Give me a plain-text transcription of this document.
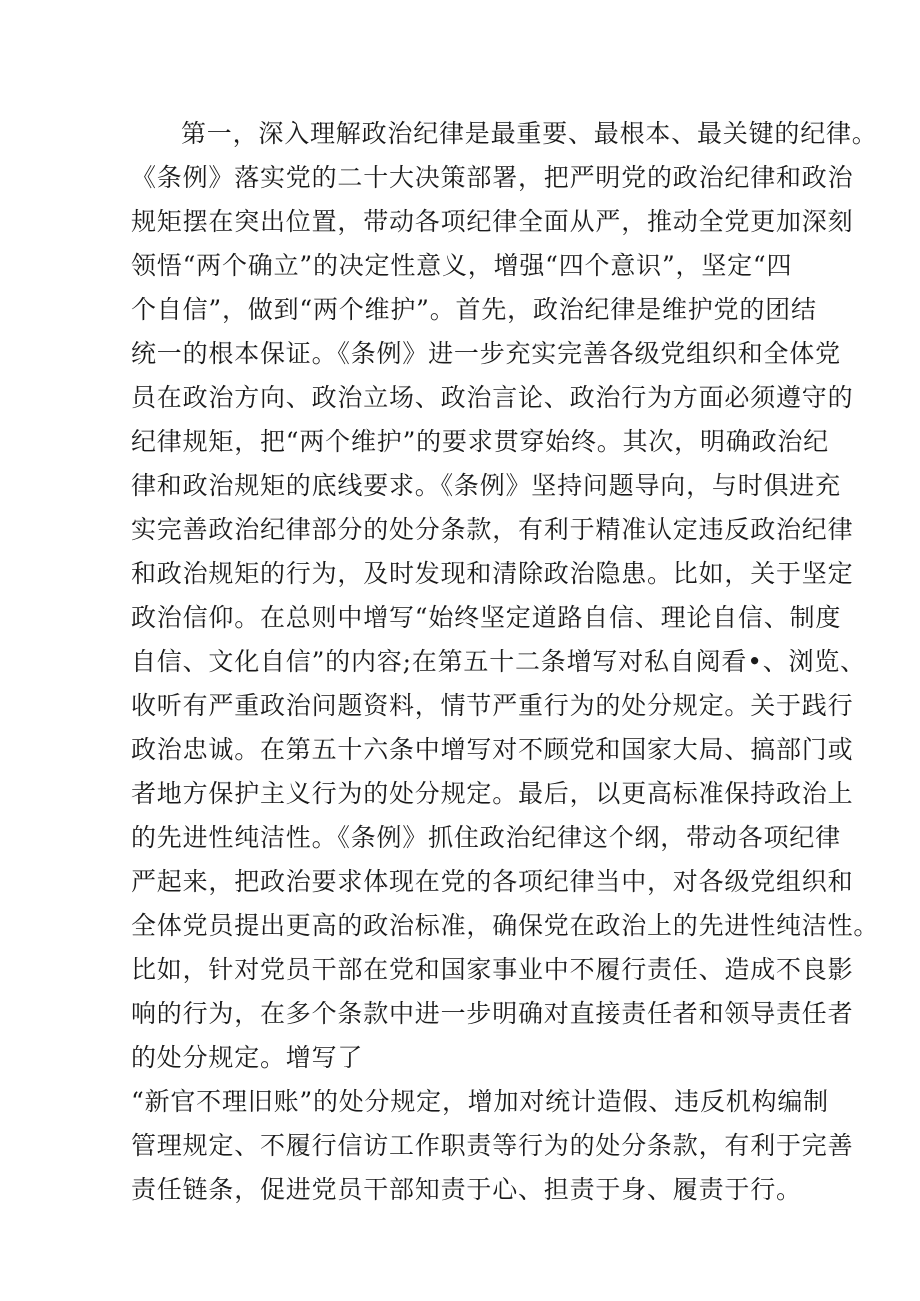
第一，深入理解政治纪律是最重要、最根本、最关键的纪律。

《条例》落实党的二十大决策部署，把严明党的政治纪律和政治

规矩摆在突出位置，带动各项纪律全面从严，推动全党更加深刻

领悟“两个确立”的决定性意义，增强“四个意识”，坚定“四

个自信”，做到“两个维护”。首先，政治纪律是维护党的团结

统一的根本保证。《条例》进一步充实完善各级党组织和全体党

员在政治方向、政治立场、政治言论、政治行为方面必须遵守的

纪律规矩，把“两个维护”的要求贯穿始终。其次，明确政治纪

律和政治规矩的底线要求。《条例》坚持问题导向，与时俱进充

实完善政治纪律部分的处分条款，有利于精准认定违反政治纪律

和政治规矩的行为，及时发现和清除政治隐患。比如，关于坚定

政治信仰。在总则中增写“始终坚定道路自信、理论自信、制度

自信、文化自信”的内容;在第五十二条增写对私自阅看•、浏览、

收听有严重政治问题资料，情节严重行为的处分规定。关于践行

政治忠诚。在第五十六条中增写对不顾党和国家大局、搞部门或

者地方保护主义行为的处分规定。最后，以更高标准保持政治上

的先进性纯洁性。《条例》抓住政治纪律这个纲，带动各项纪律

严起来，把政治要求体现在党的各项纪律当中，对各级党组织和

全体党员提出更高的政治标准，确保党在政治上的先进性纯洁性。

比如，针对党员干部在党和国家事业中不履行责任、造成不良影

响的行为，在多个条款中进一步明确对直接责任者和领导责任者

的处分规定。增写了

“新官不理旧账”的处分规定，增加对统计造假、违反机构编制

管理规定、不履行信访工作职责等行为的处分条款，有利于完善

责任链条，促进党员干部知责于心、担责于身、履责于行。
